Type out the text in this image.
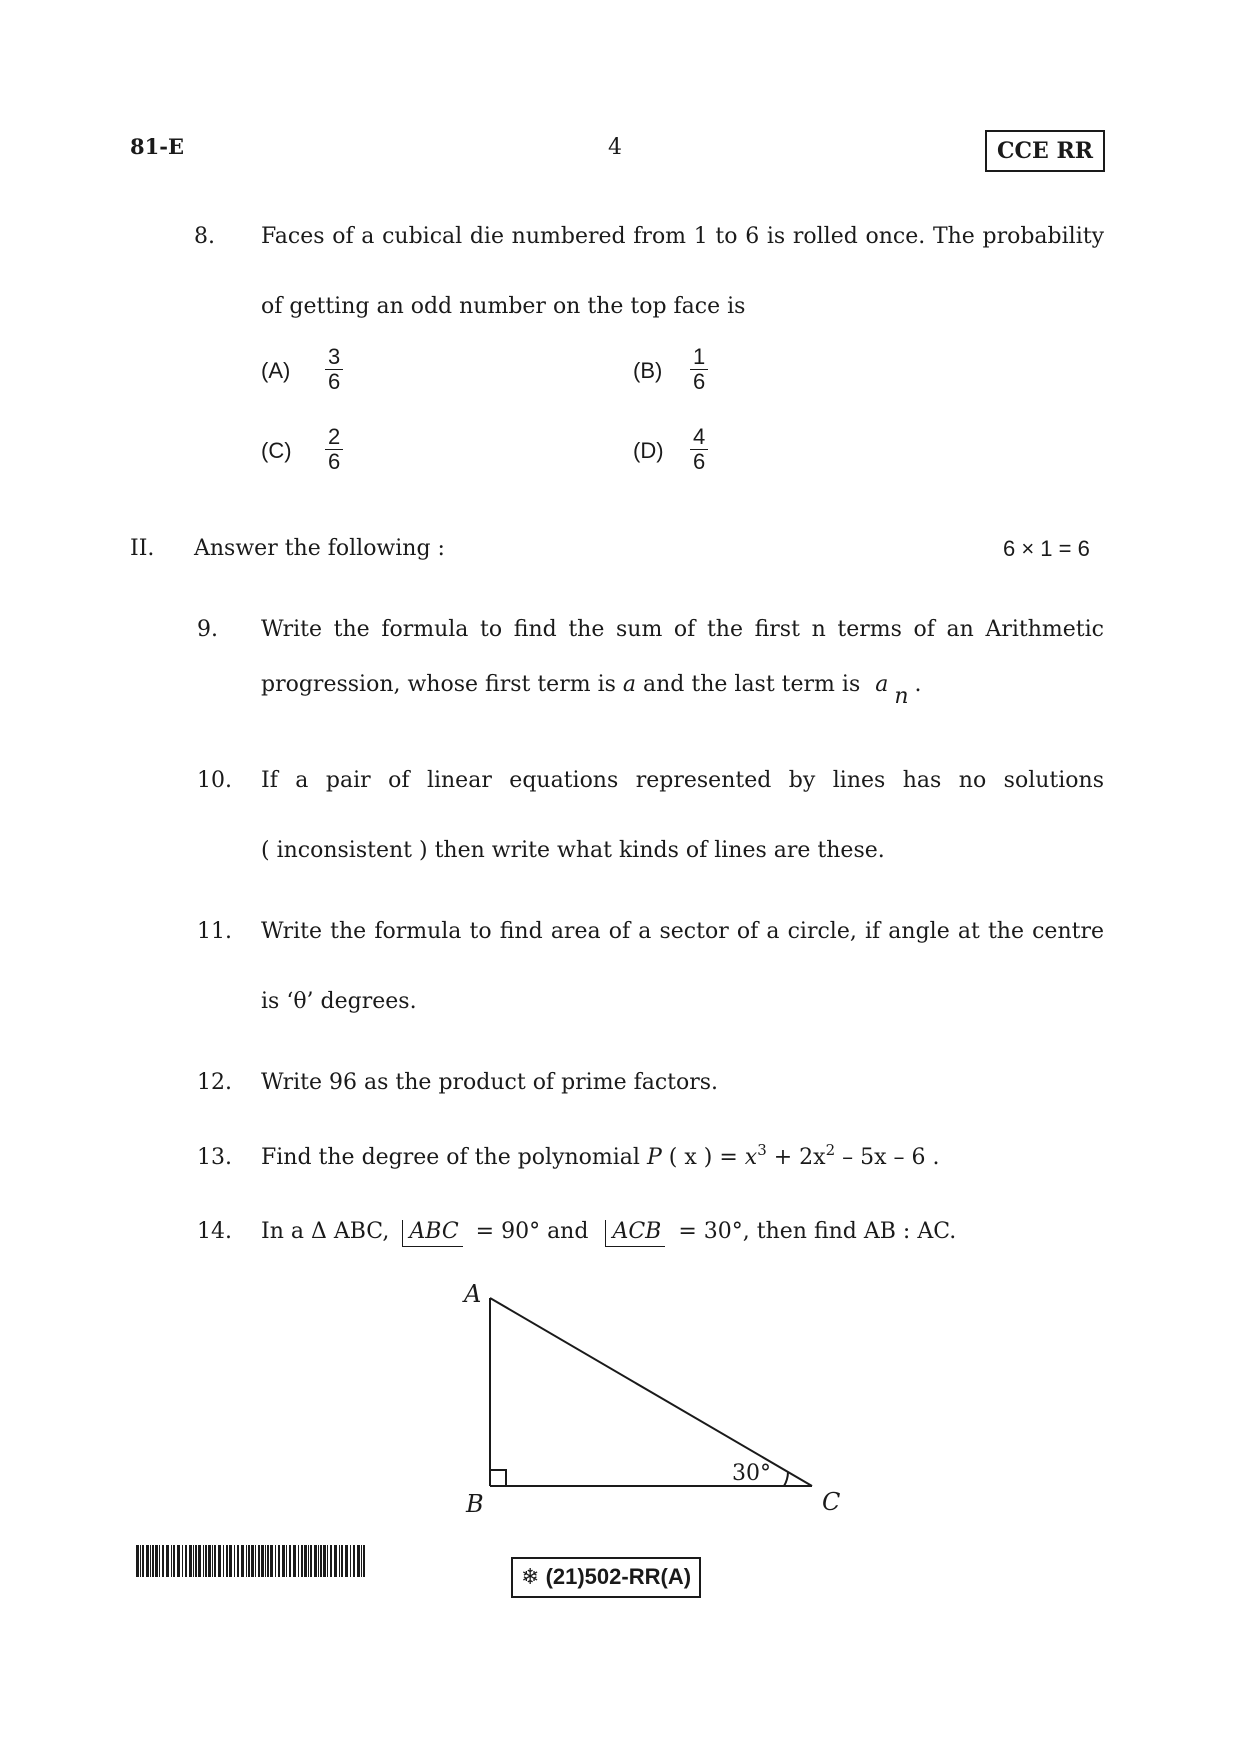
81-E	4	CCE RR
8. Faces of a cubical die numbered from 1 to 6 is rolled once. The probability
of getting an odd number on the top face is
$(A) \frac{3}{6}$	$(B) \frac{1}{6}$
$(C) \frac{2}{6}$	$(D) \frac{4}{6}$
II. Answer the following :	6 × 1 = 6
9. Write the formula to find the sum of the first n terms of an Arithmetic
progression, whose first term is a and the last term is a n .
10. If a pair of linear equations represented by lines has no solutions
( inconsistent ) then write what kinds of lines are these.
11. Write the formula to find area of a sector of a circle, if angle at the centre
is ‘θ’ degrees.
12. Write 96 as the product of prime factors.
13. Find the degree of the polynomial P ( x ) = $x^3 + 2x^2 - 5x - 6$ .
14. In a Δ ABC, ABC = 90° and ACB = 30°, then find AB : AC.
A
B	C
30°
❄ (21)502-RR(A)
